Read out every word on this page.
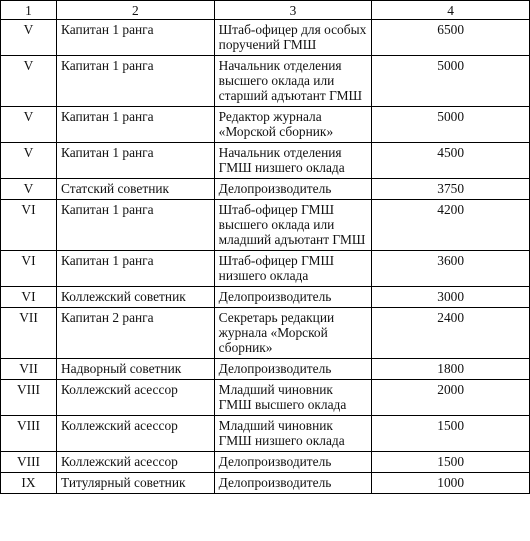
1	2	3	4
V	Капитан 1 ранга	Штаб-офицер для особых поручений ГМШ	6500
V	Капитан 1 ранга	Начальник отделения высшего оклада или старший адъютант ГМШ	5000
V	Капитан 1 ранга	Редактор журнала «Морской сборник»	5000
V	Капитан 1 ранга	Начальник отделения ГМШ низшего оклада	4500
V	Статский советник	Делопроизводитель	3750
VI	Капитан 1 ранга	Штаб-офицер ГМШ высшего оклада или младший адъютант ГМШ	4200
VI	Капитан 1 ранга	Штаб-офицер ГМШ низшего оклада	3600
VI	Коллежский советник	Делопроизводитель	3000
VII	Капитан 2 ранга	Секретарь редакции журнала «Морской сборник»	2400
VII	Надворный советник	Делопроизводитель	1800
VIII	Коллежский асессор	Младший чиновник ГМШ высшего оклада	2000
VIII	Коллежский асессор	Младший чиновник ГМШ низшего оклада	1500
VIII	Коллежский асессор	Делопроизводитель	1500
IX	Титулярный советник	Делопроизводитель	1000
